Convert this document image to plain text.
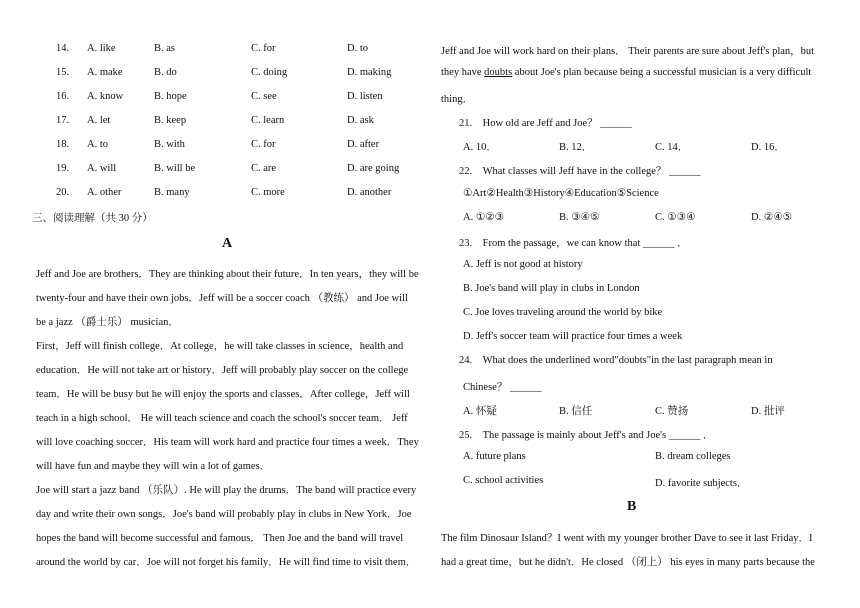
14. A. like	B. as	C. for	D. to
15. A. make	B. do	C. doing	D. making
16. A. know	B. hope	C. see	D. listen
17. A. let	B. keep	C. learn	D. ask
18. A. to	B. with	C. for	D. after
19. A. will	B. will be	C. are	D. are going
20. A. other	B. many	C. more	D. another
三、阅读理解（共 30 分）
A
Jeff and Joe are brothers．They are thinking about their future．In ten years，they will be
twenty-four and have their own jobs．Jeff will be a soccer coach （教练） and Joe will
be a jazz （爵士乐） musician．
First，Jeff will finish college．At college，he will take classes in science，health and
education．He will not take art or history．Jeff will probably play soccer on the college
team．He will be busy but he will enjoy the sports and classes．After college，Jeff will
teach in a high school． He will teach science and coach the school's soccer team． Jeff
will love coaching soccer．His team will work hard and practice four times a week．They
will have fun and maybe they will win a lot of games．
Joe will start a jazz band （乐队）. He will play the drums．The band will practice every
day and write their own songs．Joe's band will probably play in clubs in New York．Joe
hopes the band will become successful and famous． Then Joe and the band will travel
around the world by car．Joe will not forget his family．He will find time to visit them．
Jeff and Joe will work hard on their plans． Their parents are sure about Jeff's plan，but
they have doubts about Joe's plan because being a successful musician is a very difficult
thing．
21.    How old are Jeff and Joe？ ______
A. 10．	B. 12．	C. 14．	D. 16．
22.    What classes will Jeff have in the college？ ______
①Art②Health③History④Education⑤Science
A. ①②③	B. ③④⑤	C. ①③④	D. ②④⑤
23.    From the passage，we can know that ______ ．
A. Jeff is not good at history
B. Joe's band will play in clubs in London
C. Joe loves traveling around the world by bike
D. Jeff's soccer team will practice four times a week
24.    What does the underlined word"doubts"in the last paragraph mean in
Chinese？ ______
A. 怀疑	B. 信任	C. 赞扬	D. 批评
25.    The passage is mainly about Jeff's and Joe's ______ ．
A. future plans	B. dream colleges
C. school activities	D. favorite subjects．
B
The film Dinosaur Island？I went with my younger brother Dave to see it last Friday．I
had a great time，but he didn't．He closed （闭上） his eyes in many parts because the
